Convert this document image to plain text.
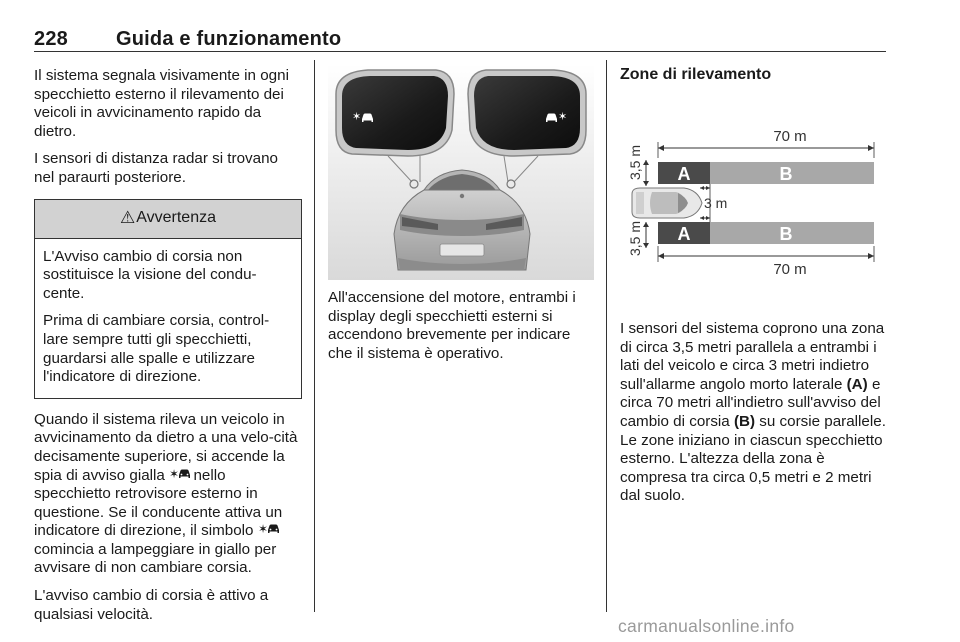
228 Guida e funzionamento

Il sistema segnala visivamente in ogni specchietto esterno il rilevamento dei veicoli in avvicinamento rapido da dietro.

I sensori di distanza radar si trovano nel paraurti posteriore.

⚠ Avvertenza

L'Avviso cambio di corsia non sostituisce la visione del condu-cente.

Prima di cambiare corsia, control-lare sempre tutti gli specchietti, guardarsi alle spalle e utilizzare l'indicatore di direzione.

Quando il sistema rileva un veicolo in avvicinamento da dietro a una velo-cità decisamente superiore, si accende la spia di avviso gialla ✶ nello specchietto retrovisore esterno in questione. Se il conducente attiva un indicatore di direzione, il simbolo ✶
comincia a lampeggiare in giallo per avvisare di non cambiare corsia.

L'avviso cambio di corsia è attivo a qualsiasi velocità.

✶	✶

All'accensione del motore, entrambi i display degli specchietti esterni si accendono brevemente per indicare che il sistema è operativo.

Zone di rilevamento
70 m
3,5 m
3,5 m
A	B
A	B
3 m
70 m

I sensori del sistema coprono una zona di circa 3,5 metri parallela a entrambi i lati del veicolo e circa 3 metri indietro sull'allarme angolo morto laterale (A) e circa 70 metri all'indietro sull'avviso del cambio di corsia (B) su corsie parallele. Le zone iniziano in ciascun specchietto esterno. L'altezza della zona è compresa tra circa 0,5 metri e 2 metri dal suolo.

carmanualsonline.info
